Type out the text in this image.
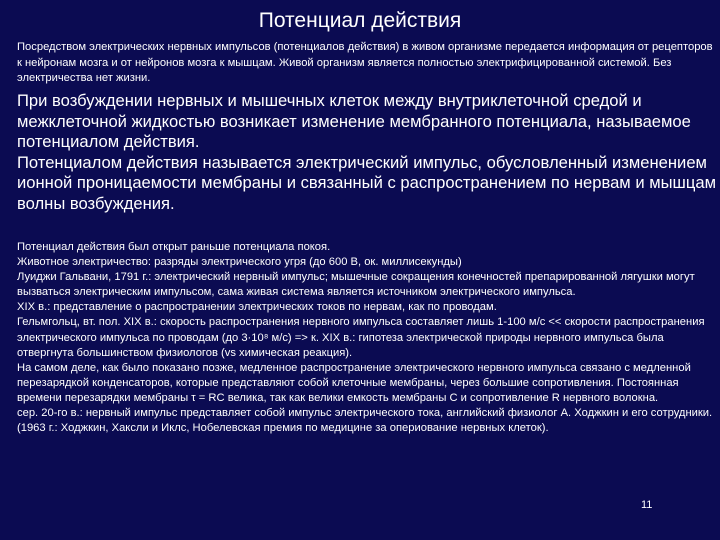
Потенциал действия

Посредством электрических нервных импульсов (потенциалов действия) в живом организме передается информация от рецепторов к нейронам мозга и от нейронов мозга к мышцам. Живой организм является полностью электрифицированной системой. Без электричества нет жизни.

При возбуждении нервных и мышечных клеток между внутриклеточной средой и межклеточной жидкостью возникает изменение мембранного потенциала, называемое потенциалом действия.

Потенциалом действия называется электрический импульс, обусловленный изменением ионной проницаемости мембраны и связанный с распространением по нервам и мышцам волны возбуждения.

Потенциал действия был открыт раньше потенциала покоя.

Животное электричество: разряды электрического угря (до 600 В, ок. миллисекунды)

Луиджи Гальвани, 1791 г.: электрический нервный импульс; мышечные сокращения конечностей препарированной лягушки могут вызваться электрическим импульсом, сама живая система является источником электрического импульса.

XIX в.: представление о распространении электрических токов по нервам, как по проводам.

Гельмгольц, вт. пол. XIX в.: скорость распространения нервного импульса составляет лишь 1-100 м/с << скорости распространения электрического импульса по проводам (до 3·10⁸ м/с) => к. XIX в.: гипотеза электрической природы нервного импульса была отвергнута большинством физиологов (vs химическая реакция).

На самом деле, как было показано позже, медленное распространение электрического нервного импульса связано с медленной перезарядкой конденсаторов, которые представляют собой клеточные мембраны, через большие сопротивления. Постоянная времени перезарядки мембраны τ = RC велика, так как велики емкость мембраны С и сопротивление R нервного волокна.

сер. 20-го в.: нервный импульс представляет собой импульс электрического тока, английский физиолог А. Ходжкин и его сотрудники. (1963 г.: Ходжкин, Хаксли и Иклс, Нобелевская премия по медицине за опериование нервных клеток).

11
